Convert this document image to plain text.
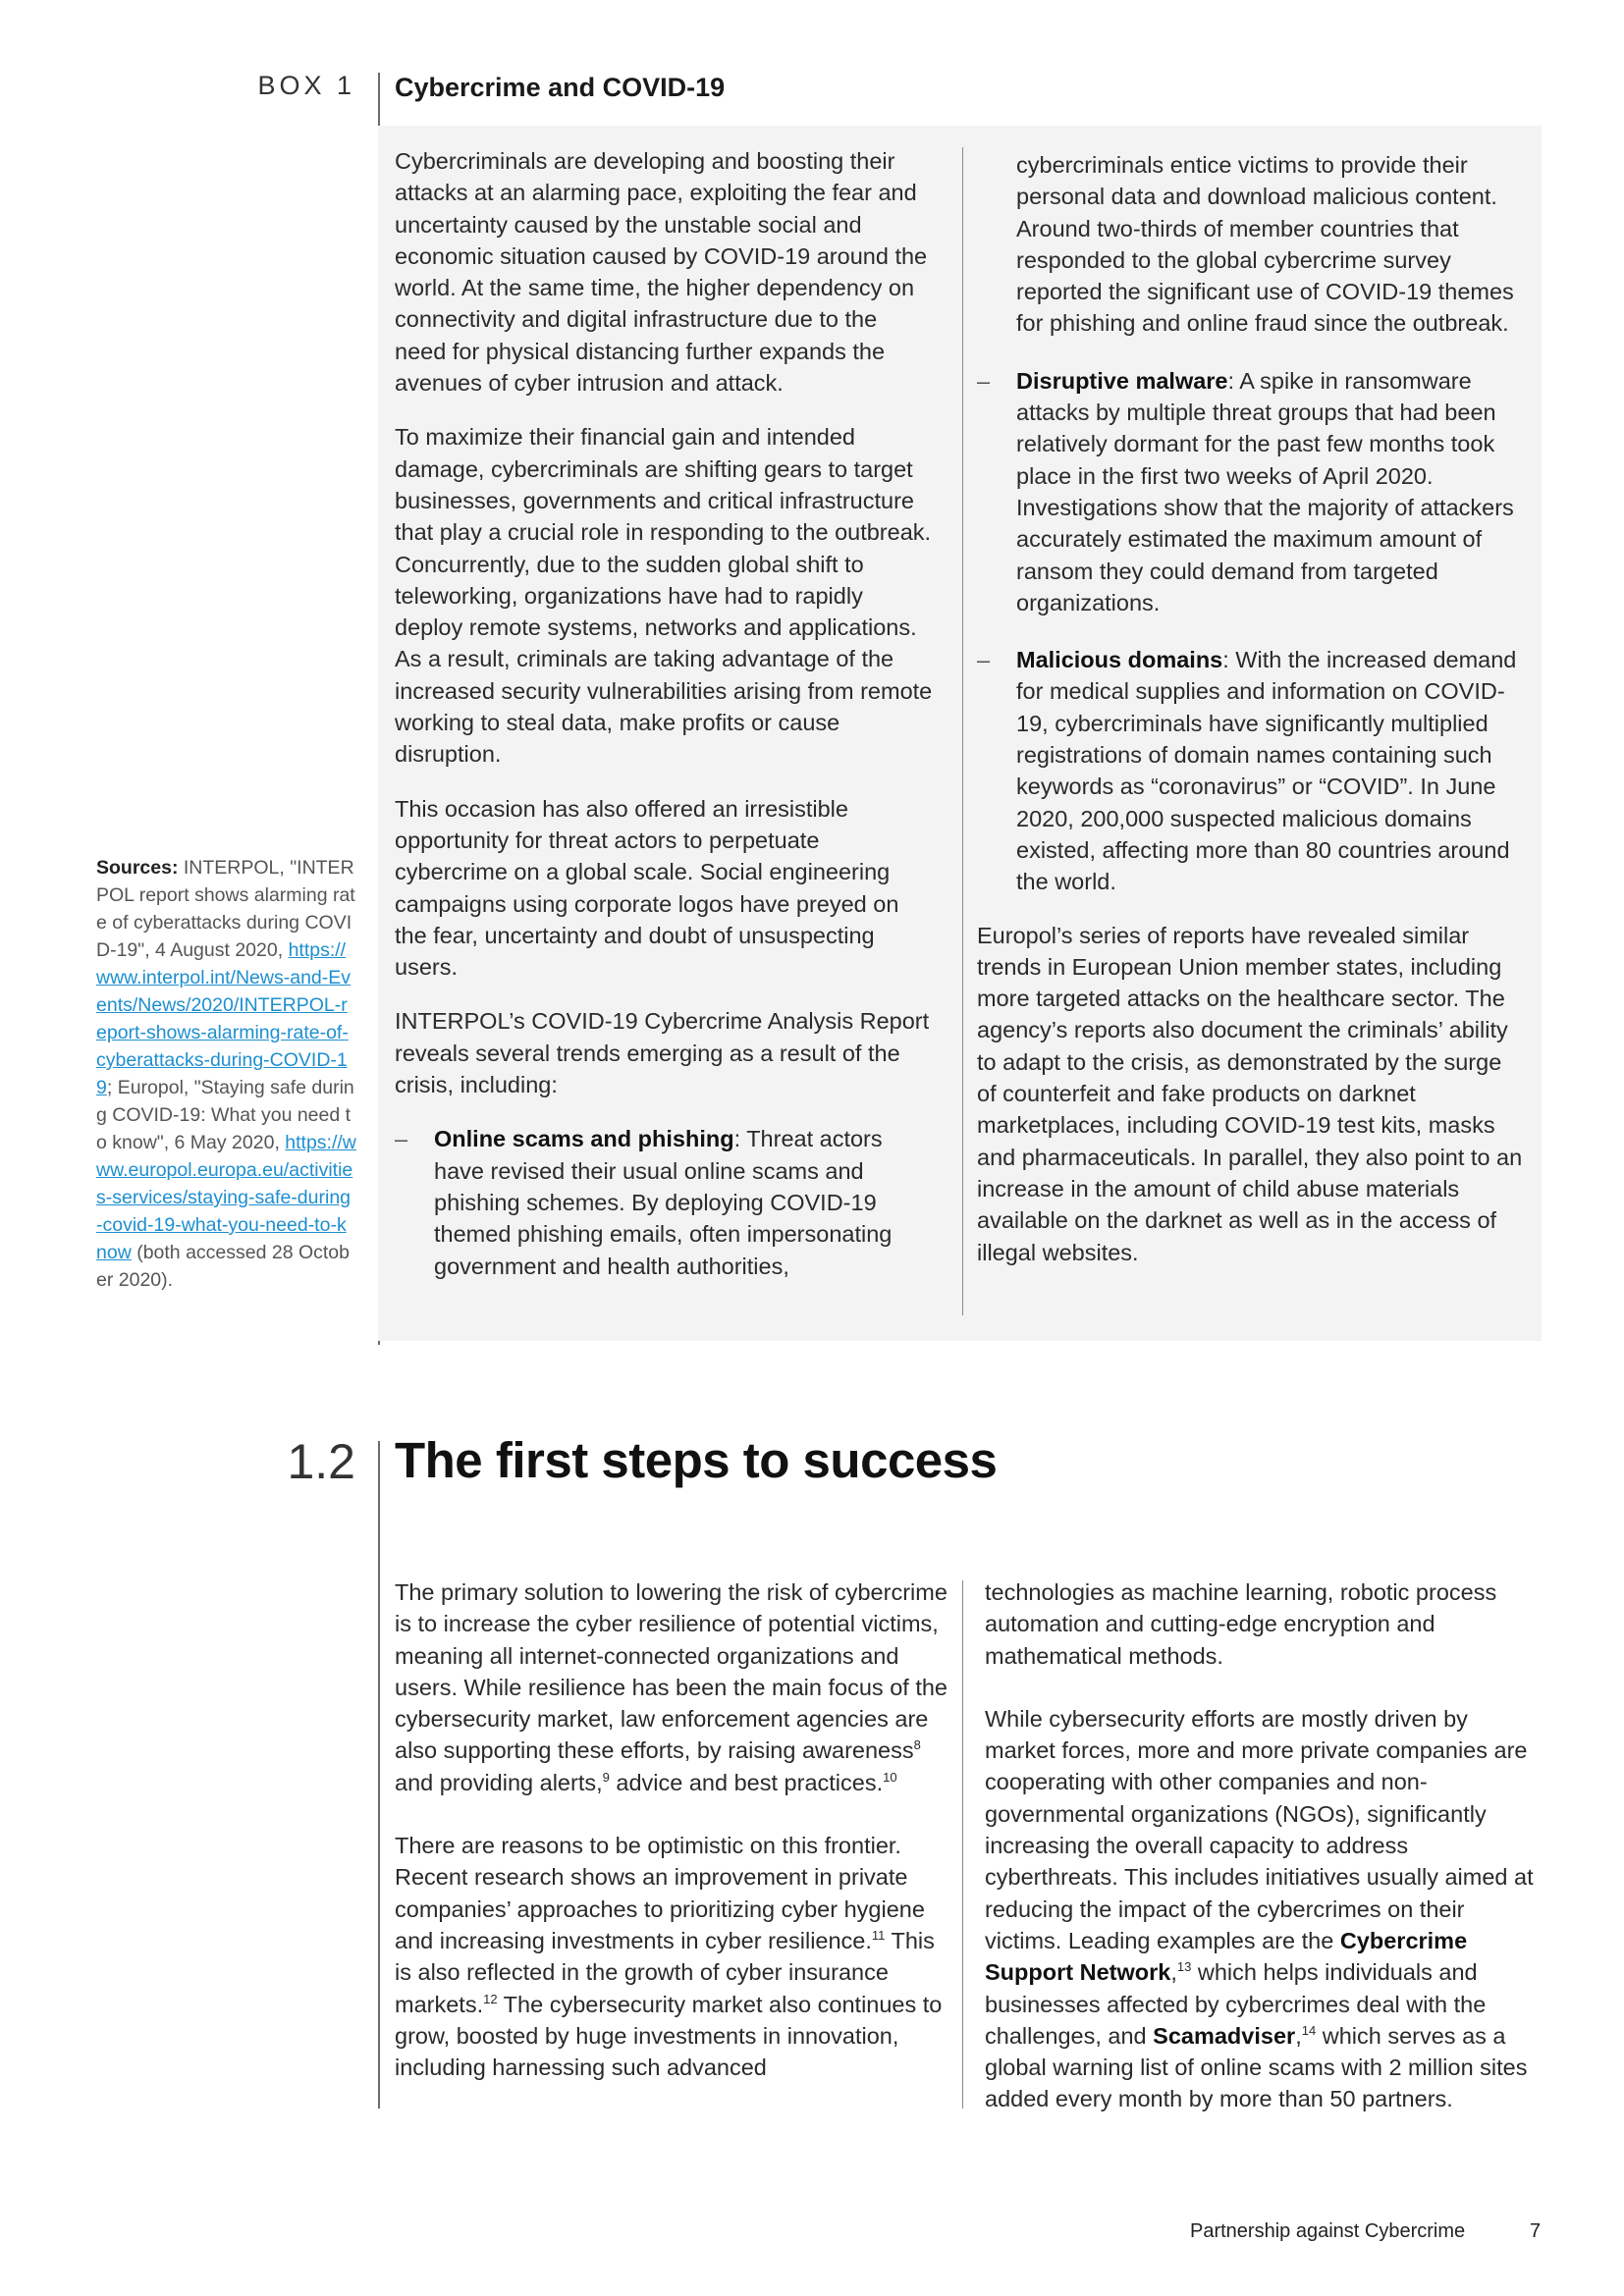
BOX 1 Cybercrime and COVID-19

Cybercriminals are developing and boosting their attacks at an alarming pace, exploiting the fear and uncertainty caused by the unstable social and economic situation caused by COVID-19 around the world. At the same time, the higher dependency on connectivity and digital infrastructure due to the need for physical distancing further expands the avenues of cyber intrusion and attack.

To maximize their financial gain and intended damage, cybercriminals are shifting gears to target businesses, governments and critical infrastructure that play a crucial role in responding to the outbreak. Concurrently, due to the sudden global shift to teleworking, organizations have had to rapidly deploy remote systems, networks and applications. As a result, criminals are taking advantage of the increased security vulnerabilities arising from remote working to steal data, make profits or cause disruption.

This occasion has also offered an irresistible opportunity for threat actors to perpetuate cybercrime on a global scale. Social engineering campaigns using corporate logos have preyed on the fear, uncertainty and doubt of unsuspecting users.

INTERPOL’s COVID-19 Cybercrime Analysis Report reveals several trends emerging as a result of the crisis, including:

– Online scams and phishing: Threat actors have revised their usual online scams and phishing schemes. By deploying COVID-19 themed phishing emails, often impersonating government and health authorities,
cybercriminals entice victims to provide their personal data and download malicious content. Around two-thirds of member countries that responded to the global cybercrime survey reported the significant use of COVID-19 themes for phishing and online fraud since the outbreak.
– Disruptive malware: A spike in ransomware attacks by multiple threat groups that had been relatively dormant for the past few months took place in the first two weeks of April 2020. Investigations show that the majority of attackers accurately estimated the maximum amount of ransom they could demand from targeted organizations.
– Malicious domains: With the increased demand for medical supplies and information on COVID-19, cybercriminals have significantly multiplied registrations of domain names containing such keywords as “coronavirus” or “COVID”. In June 2020, 200,000 suspected malicious domains existed, affecting more than 80 countries around the world.

Europol’s series of reports have revealed similar trends in European Union member states, including more targeted attacks on the healthcare sector. The agency’s reports also document the criminals’ ability to adapt to the crisis, as demonstrated by the surge of counterfeit and fake products on darknet marketplaces, including COVID-19 test kits, masks and pharmaceuticals. In parallel, they also point to an increase in the amount of child abuse materials available on the darknet as well as in the access of illegal websites.

Sources: INTERPOL, "INTERPOL report shows alarming rate of cyberattacks during COVID-19", 4 August 2020, https://www.interpol.int/News-and-Events/News/2020/INTERPOL-report-shows-alarming-rate-of-cyberattacks-during-COVID-19; Europol, "Staying safe during COVID-19: What you need to know", 6 May 2020, https://www.europol.europa.eu/activities-services/staying-safe-during-covid-19-what-you-need-to-know (both accessed 28 October 2020).
1.2 The first steps to success

The primary solution to lowering the risk of cybercrime is to increase the cyber resilience of potential victims, meaning all internet-connected organizations and users. While resilience has been the main focus of the cybersecurity market, law enforcement agencies are also supporting these efforts, by raising awareness$^8$ and providing alerts,$^9$ advice and best practices.$^{10}$

There are reasons to be optimistic on this frontier. Recent research shows an improvement in private companies’ approaches to prioritizing cyber hygiene and increasing investments in cyber resilience.$^{11}$ This is also reflected in the growth of cyber insurance markets.$^{12}$ The cybersecurity market also continues to grow, boosted by huge investments in innovation, including harnessing such advanced

technologies as machine learning, robotic process automation and cutting-edge encryption and mathematical methods.

While cybersecurity efforts are mostly driven by market forces, more and more private companies are cooperating with other companies and non-governmental organizations (NGOs), significantly increasing the overall capacity to address cyberthreats. This includes initiatives usually aimed at reducing the impact of the cybercrimes on their victims. Leading examples are the Cybercrime Support Network,$^{13}$ which helps individuals and businesses affected by cybercrimes deal with the challenges, and Scamadviser,$^{14}$ which serves as a global warning list of online scams with 2 million sites added every month by more than 50 partners.

Partnership against Cybercrime	7
